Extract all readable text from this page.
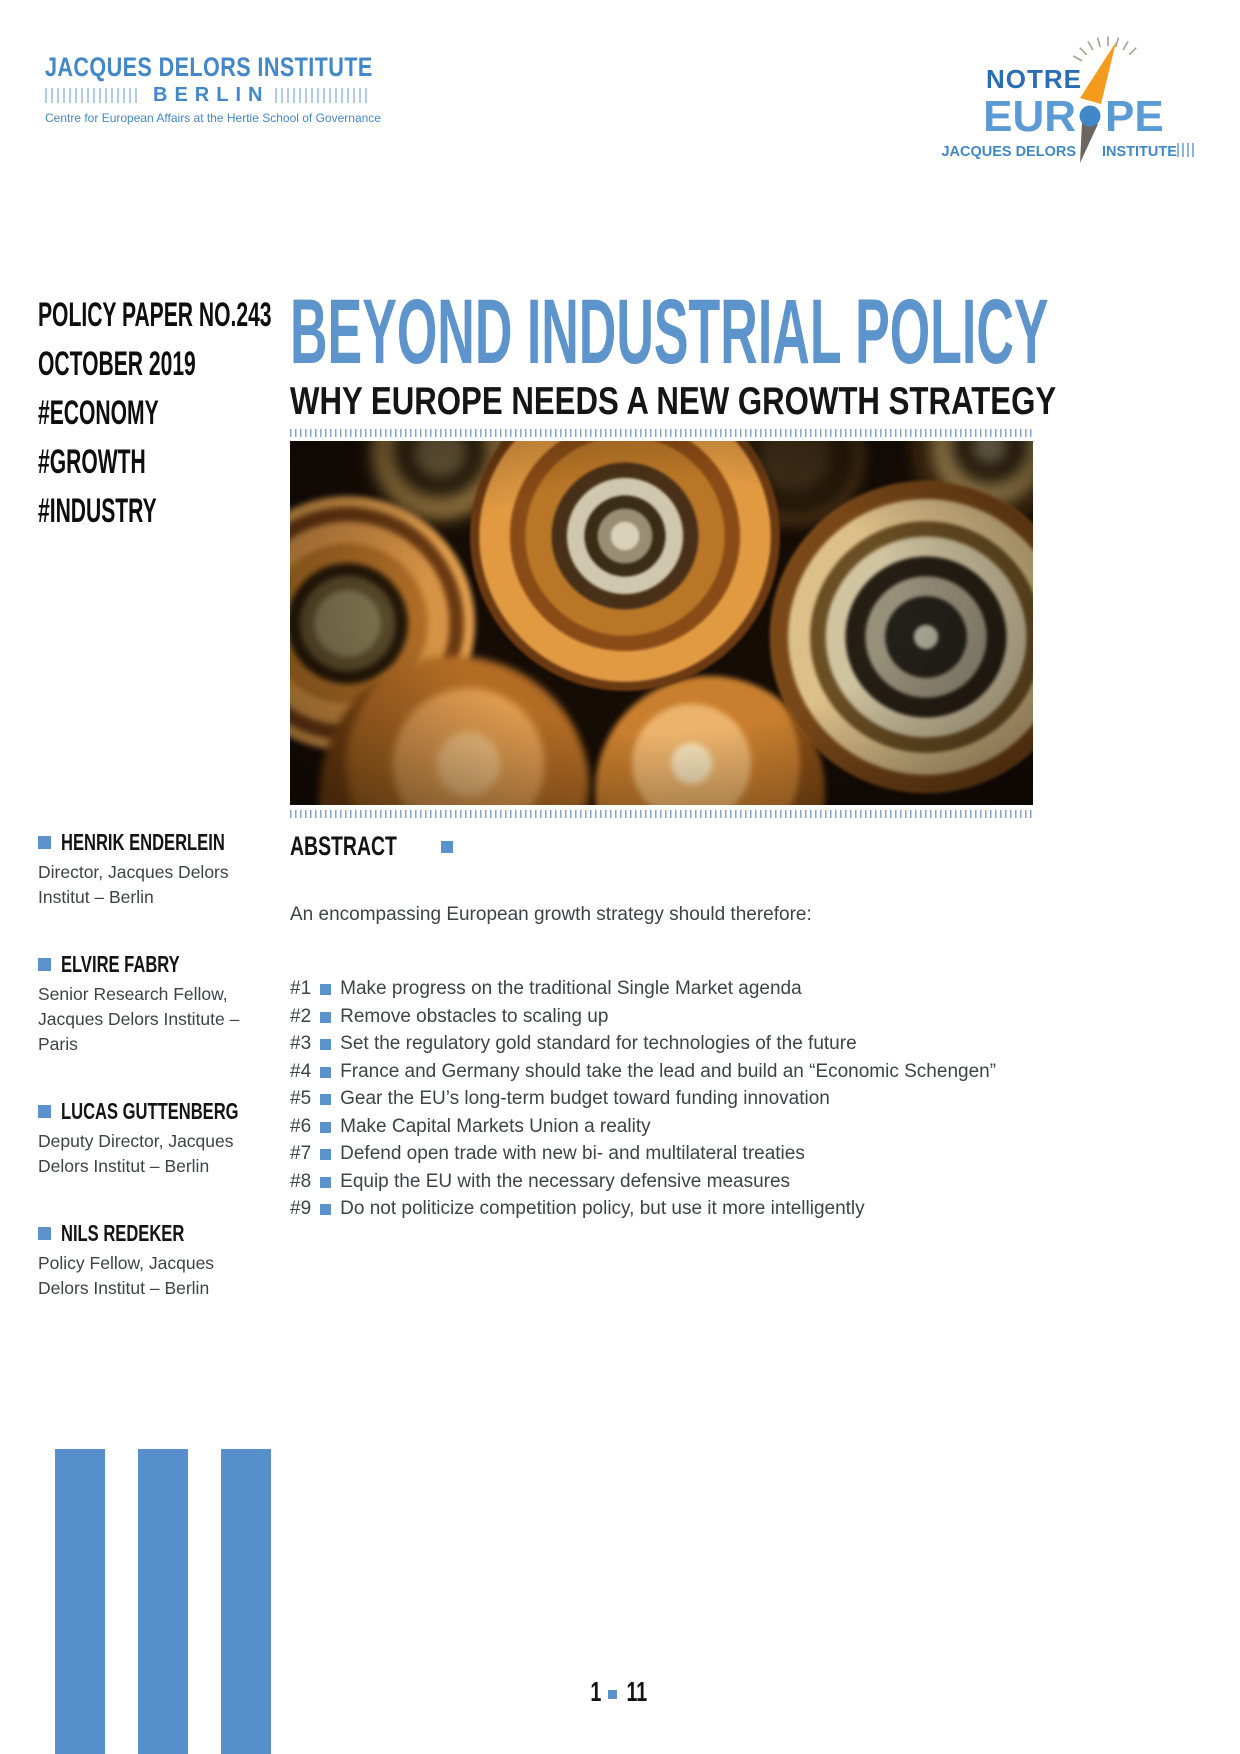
JACQUES DELORS INSTITUTE
BERLIN
Centre for European Affairs at the Hertie School of Governance
NOTRE
EUR PE
JACQUES DELORS INSTITUTE
POLICY PAPER NO.243
OCTOBER 2019
#ECONOMY
#GROWTH
#INDUSTRY
HENRIK ENDERLEIN
Director, Jacques Delors Institut – Berlin
ELVIRE FABRY
Senior Research Fellow, Jacques Delors Institute – Paris
LUCAS GUTTENBERG
Deputy Director, Jacques Delors Institut – Berlin
NILS REDEKER
Policy Fellow, Jacques Delors Institut – Berlin
BEYOND INDUSTRIAL POLICY
WHY EUROPE NEEDS A NEW GROWTH STRATEGY
ABSTRACT

An encompassing European growth strategy should therefore:

#1 Make progress on the traditional Single Market agenda
#2 Remove obstacles to scaling up
#3 Set the regulatory gold standard for technologies of the future
#4 France and Germany should take the lead and build an “Economic Schengen”
#5 Gear the EU’s long-term budget toward funding innovation
#6 Make Capital Markets Union a reality
#7 Defend open trade with new bi- and multilateral treaties
#8 Equip the EU with the necessary defensive measures
#9 Do not politicize competition policy, but use it more intelligently
1 11
